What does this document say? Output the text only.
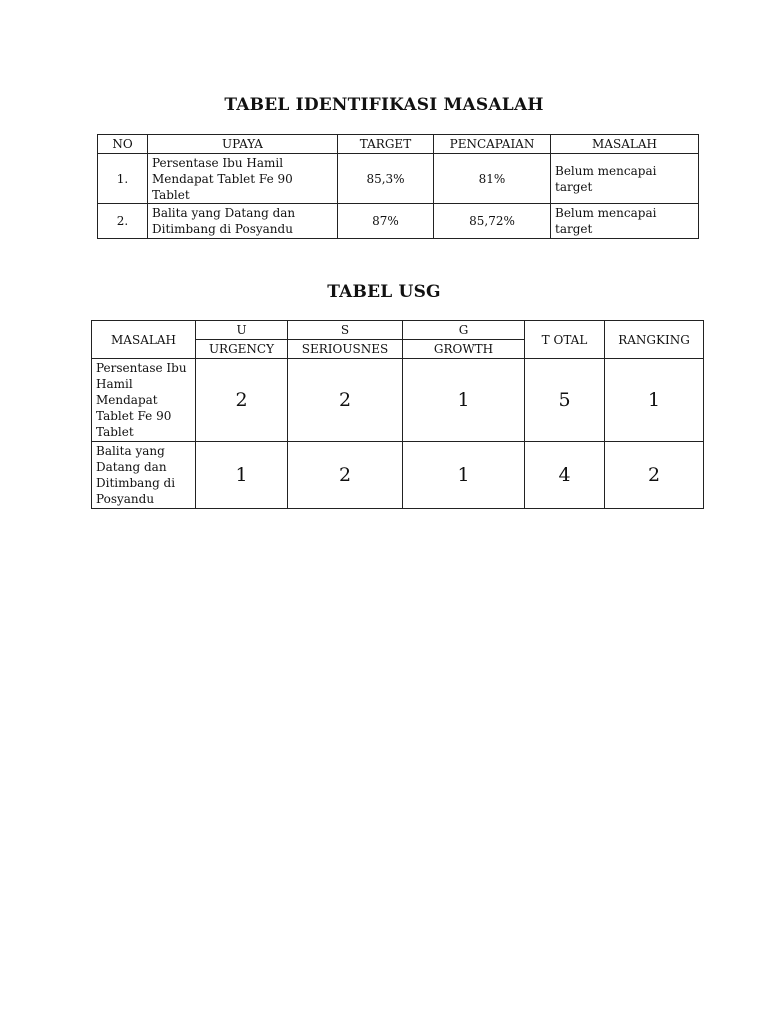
TABEL IDENTIFIKASI MASALAH
NO	UPAYA	TARGET	PENCAPAIAN	MASALAH
1.	Persentase Ibu Hamil Mendapat Tablet Fe 90 Tablet	85,3%	81%	Belum mencapai target
2.	Balita yang Datang dan Ditimbang di Posyandu	87%	85,72%	Belum mencapai target
TABEL USG
MASALAH	U	S	G	T OTAL	RANGKING
	URGENCY	SERIOUSNES	GROWTH		
Persentase Ibu Hamil Mendapat Tablet Fe 90 Tablet	2	2	1	5	1
Balita yang Datang dan Ditimbang di Posyandu	1	2	1	4	2
